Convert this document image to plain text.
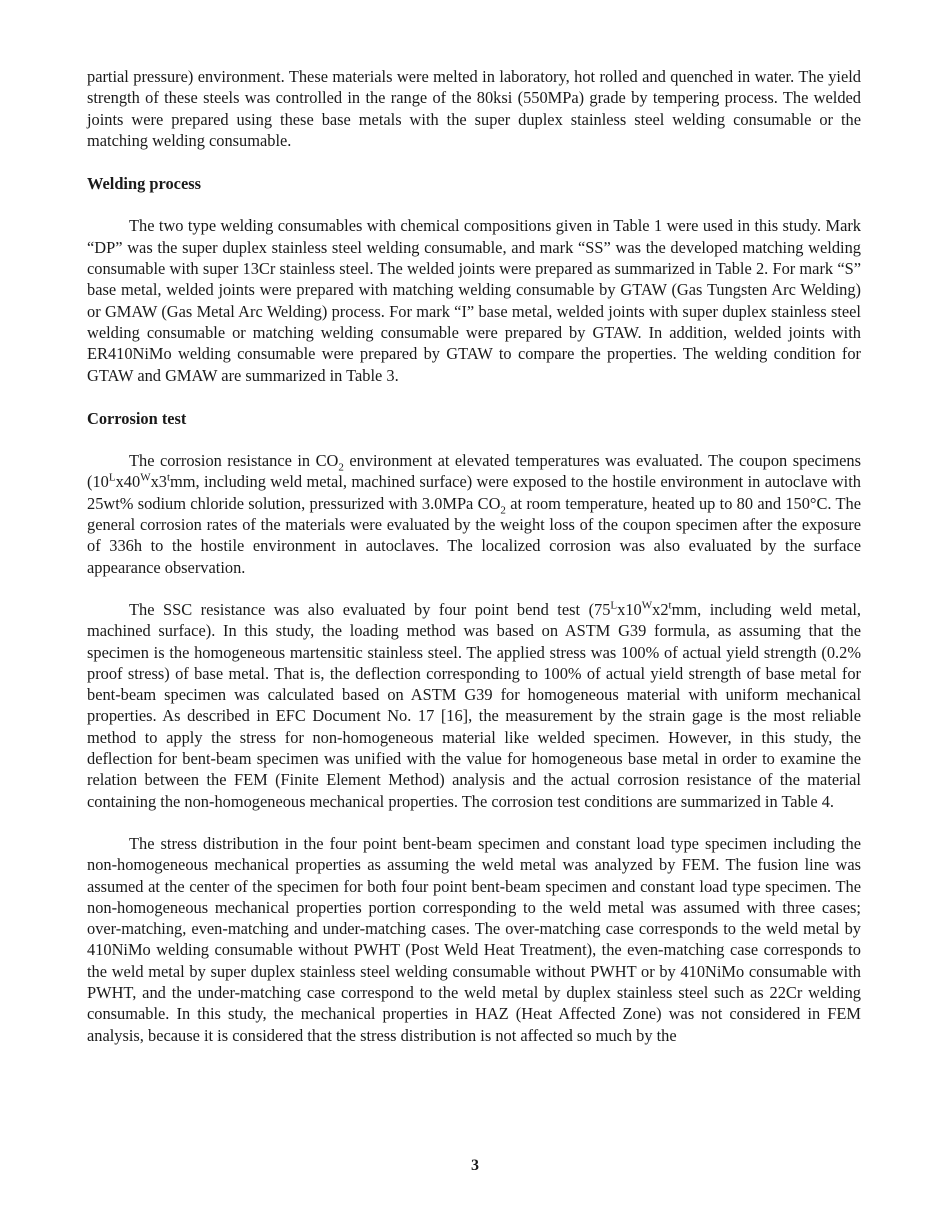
partial pressure) environment. These materials were melted in laboratory, hot rolled and quenched in water. The yield strength of these steels was controlled in the range of the 80ksi (550MPa) grade by tempering process. The welded joints were prepared using these base metals with the super duplex stainless steel welding consumable or the matching welding consumable.

Welding process

The two type welding consumables with chemical compositions given in Table 1 were used in this study. Mark “DP” was the super duplex stainless steel welding consumable, and mark “SS” was the developed matching welding consumable with super 13Cr stainless steel. The welded joints were prepared as summarized in Table 2. For mark “S” base metal, welded joints were prepared with matching welding consumable by GTAW (Gas Tungsten Arc Welding) or GMAW (Gas Metal Arc Welding) process. For mark “I” base metal, welded joints with super duplex stainless steel welding consumable or matching welding consumable were prepared by GTAW. In addition, welded joints with ER410NiMo welding consumable were prepared by GTAW to compare the properties. The welding condition for GTAW and GMAW are summarized in Table 3.

Corrosion test

The corrosion resistance in $CO_2$ environment at elevated temperatures was evaluated. The coupon specimens ($10^Lx40^Wx3^tmm$, including weld metal, machined surface) were exposed to the hostile environment in autoclave with 25wt% sodium chloride solution, pressurized with 3.0MPa $CO_2$ at room temperature, heated up to 80 and 150°C. The general corrosion rates of the materials were evaluated by the weight loss of the coupon specimen after the exposure of 336h to the hostile environment in autoclaves. The localized corrosion was also evaluated by the surface appearance observation.

The SSC resistance was also evaluated by four point bend test ($75^Lx10^Wx2^tmm$, including weld metal, machined surface). In this study, the loading method was based on ASTM G39 formula, as assuming that the specimen is the homogeneous martensitic stainless steel. The applied stress was 100% of actual yield strength (0.2% proof stress) of base metal. That is, the deflection corresponding to 100% of actual yield strength of base metal for bent-beam specimen was calculated based on ASTM G39 for homogeneous material with uniform mechanical properties. As described in EFC Document No. 17 [16], the measurement by the strain gage is the most reliable method to apply the stress for non-homogeneous material like welded specimen. However, in this study, the deflection for bent-beam specimen was unified with the value for homogeneous base metal in order to examine the relation between the FEM (Finite Element Method) analysis and the actual corrosion resistance of the material containing the non-homogeneous mechanical properties. The corrosion test conditions are summarized in Table 4.

The stress distribution in the four point bent-beam specimen and constant load type specimen including the non-homogeneous mechanical properties as assuming the weld metal was analyzed by FEM. The fusion line was assumed at the center of the specimen for both four point bent-beam specimen and constant load type specimen. The non-homogeneous mechanical properties portion corresponding to the weld metal was assumed with three cases; over-matching, even-matching and under-matching cases. The over-matching case corresponds to the weld metal by 410NiMo welding consumable without PWHT (Post Weld Heat Treatment), the even-matching case corresponds to the weld metal by super duplex stainless steel welding consumable without PWHT or by 410NiMo consumable with PWHT, and the under-matching case correspond to the weld metal by duplex stainless steel such as 22Cr welding consumable. In this study, the mechanical properties in HAZ (Heat Affected Zone) was not considered in FEM analysis, because it is considered that the stress distribution is not affected so much by the

3
